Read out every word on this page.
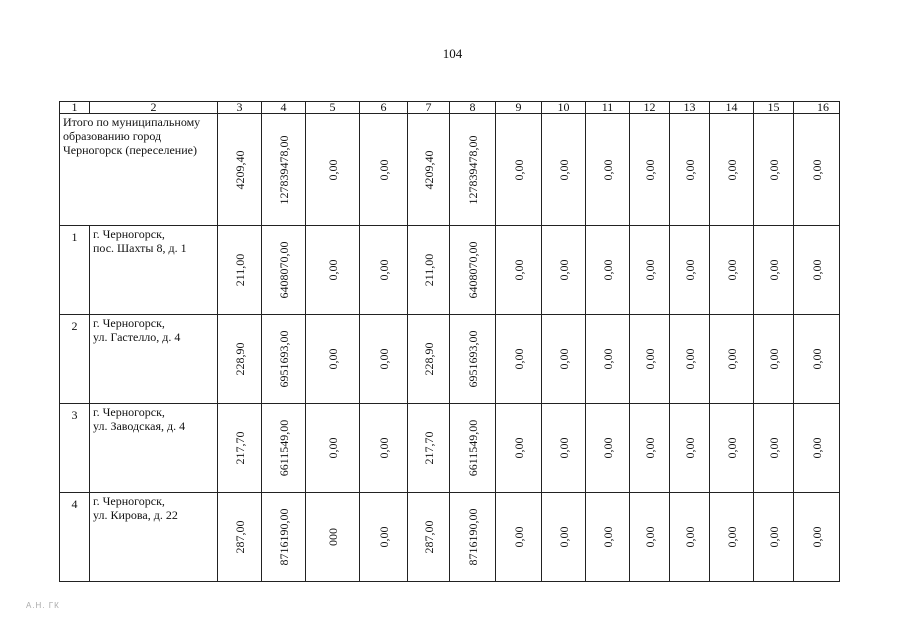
104
1	2	3	4	5	6	7	8	9	10	11	12	13	14	15	16
Итого по муниципальному образованию город Черногорск (переселение)		4209,40	127839478,00	0,00	0,00	4209,40	127839478,00	0,00	0,00	0,00	0,00	0,00	0,00	0,00	0,00

1	г. Черногорск,
пос. Шахты 8, д. 1	211,00	6408070,00	0,00	0,00	211,00	6408070,00	0,00	0,00	0,00	0,00	0,00	0,00	0,00	0,00

2	г. Черногорск,
ул. Гастелло, д. 4	228,90	6951693,00	0,00	0,00	228,90	6951693,00	0,00	0,00	0,00	0,00	0,00	0,00	0,00	0,00

3	г. Черногорск,
ул. Заводская, д. 4	217,70	6611549,00	0,00	0,00	217,70	6611549,00	0,00	0,00	0,00	0,00	0,00	0,00	0,00	0,00

4	г. Черногорск,
ул. Кирова, д. 22	287,00	8716190,00	000	0,00	287,00	8716190,00	0,00	0,00	0,00	0,00	0,00	0,00	0,00	0,00
А.Н. ГК
